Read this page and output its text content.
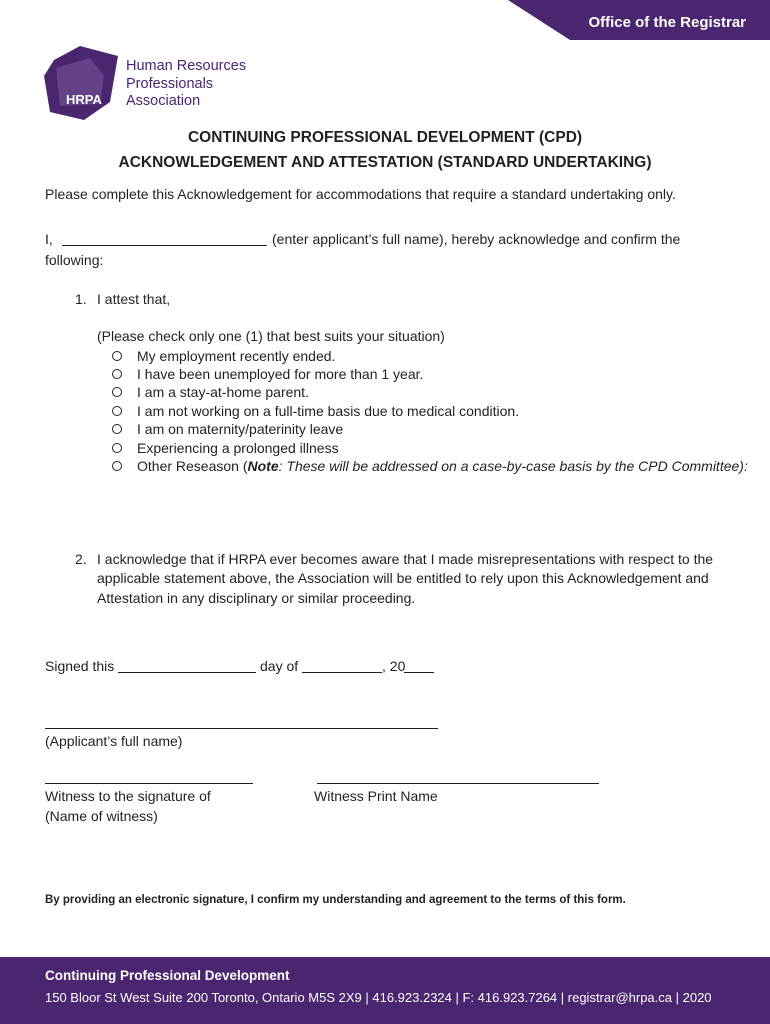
Office of the Registrar
HRPA
Human Resources
Professionals
Association
CONTINUING PROFESSIONAL DEVELOPMENT (CPD)
ACKNOWLEDGEMENT AND ATTESTATION (STANDARD UNDERTAKING)
Please complete this Acknowledgement for accommodations that require a standard undertaking only.
I,	(enter applicant’s full name), hereby acknowledge and confirm the
following:
1. I attest that,
(Please check only one (1) that best suits your situation)
My employment recently ended.
I have been unemployed for more than 1 year.
I am a stay-at-home parent.
I am not working on a full-time basis due to medical condition.
I am on maternity/paterinity leave
Experiencing a prolonged illness
Other Reseason (Note: These will be addressed on a case-by-case basis by the CPD Committee):
2. I acknowledge that if HRPA ever becomes aware that I made misrepresentations with respect to the
applicable statement above, the Association will be entitled to rely upon this Acknowledgement and
Attestation in any disciplinary or similar proceeding.
Signed this	day of	, 20
(Applicant’s full name)
Witness to the signature of
(Name of witness)
Witness Print Name
By providing an electronic signature, I confirm my understanding and agreement to the terms of this form.
Continuing Professional Development
150 Bloor St West Suite 200 Toronto, Ontario M5S 2X9 | 416.923.2324 | F: 416.923.7264 | registrar@hrpa.ca | 2020
